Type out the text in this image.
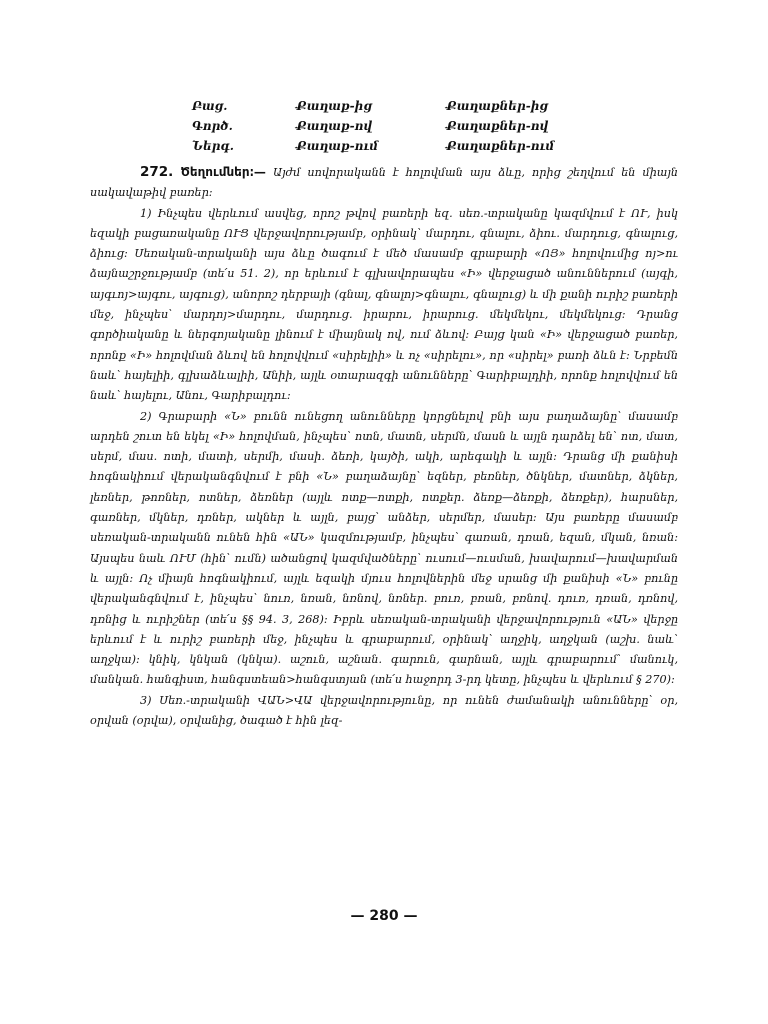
Բաց.	Քաղաք-ից	Քաղաքներ-ից
Գործ.	Քաղաք-ով	Քաղաքներ-ով
Ներգ.	Քաղաք-ում	Քաղաքներ-ում

272. Ծեղումներ։— Այժմ սովորականն է հոլովման այս ձևը, որից շեղվում են միայն սակավաթիվ բառեր։

1) Ինչպես վերևում ասվեց, որոշ թվով բառերի եզ. սեռ.-տրականը կազմվում է ՈՒ, իսկ եզակի բացառականը ՈՒՑ վերջավորությամբ, օրինակ՝ մարդու, գնալու, ձիու. մարդուց, գնալուց, ձիուց։ Սեռական-տրականի այս ձևը ծագում է մեծ մասամբ գրաբարի «ՈՅ» հոլովումից ոյ>ու ձայնաշրջությամբ (տե՛ս 51. 2), որ երևում է գլխավորապես «Ի» վերջացած անուններում (այգի, այգւոյ>այգու, այգուց), անորոշ դերբայի (գնալ, գնալոյ>գնալու, գնալուց) և մի քանի ուրիշ բառերի մեջ, ինչպես՝ մարդոյ>մարդու, մարդուց. իրարու, իրարուց. մեկմեկու, մեկմեկուց։ Դրանց գործիականը և ներգոյականը լինում է միայնակ ով, ում ձևով։ Բայց կան «Ի» վերջացած բառեր, որոնք «Ի» հոլովման ձևով են հոլովվում «սիրելիի» և ոչ «սիրելու», որ «սիրել» բառի ձևն է։ Նրբեմն նաև՝ հայելիի, գլխաձևալիի, Անիի, այլև օտարազգի անունները՝ Գարիբալդիի, որոնք հոլովվում են նաև՝ հայելու, Անու, Գարիբալդու։

2) Գրաբարի «Ն» բունն ունեցող անունները կորցնելով բնի այս բաղաձայնը՝ մասամբ արդեն շուտ են եկել «Ի» հոլովման, ինչպես՝ ոտն, մատն, սերմն, մասն և այլն դարձել են՝ ոտ, մատ, սերմ, մաս. ոտի, մատի, սերմի, մասի. ձեռի, կայծի, ակի, արեգակի և այլն։ Դրանց մի քանիսի հոգնակիում վերականգնվում է բնի «Ն» բաղաձայնը՝ եզներ, բեռներ, ծնկներ, մատներ, ձկներ, լեռներ, թոռներ, ոտներ, ձեռներ (այլև ոտք—ոտքի, ոտքեր. ձեռք—ձեռքի, ձեռքեր), հարսներ, գառներ, մկներ, դռներ, ակներ և այլն, բայց՝ անձեր, սերմեր, մասեր։ Այս բառերը մասամբ սեռական-տրականն ունեն հին «ԱՆ» կազմությամբ, ինչպես՝ գառան, դռան, եզան, մկան, նռան։ Այսպես նաև ՈՒՄ (հին՝ ումն) ածանցով կազմվածները՝ ուսում—ուսման, խավարում—խավարման և այլն։ Ոչ միայն հոգնակիում, այլև եզակի մյուս հոլովներին մեջ սրանց մի քանիսի «Ն» բունը վերականգնվում է, ինչպես՝ նուռ, նռան, նռնով, նռներ. բուռ, բռան, բռնով. դուռ, դռան, դռնով, դռնից և ուրիշներ (տե՛ս §§ 94. 3, 268)։ Իբրև սեռական-տրականի վերջավորություն «ԱՆ» վերջը երևում է և ուրիշ բառերի մեջ, ինչպես և գրաբարում, օրինակ՝ աղջիկ, աղջկան (աշխ. նաև՝ աղջկա)։ կնիկ, կնկան (կնկա). աշուն, աշնան. գարուն, գարնան, այլև գրաբարում՝ մանուկ, մանկան. հանգիստ, հանգստեան>հանգստյան (տե՛ս հաջորդ 3-րդ կետը, ինչպես և վերևում § 270)։

3) Սեռ.-տրականի ՎԱՆ>ՎԱ վերջավորությունը, որ ունեն ժամանակի անունները՝ օր, օրվան (օրվա), օրվանից, ծագած է հին լեզ-

— 280 —
